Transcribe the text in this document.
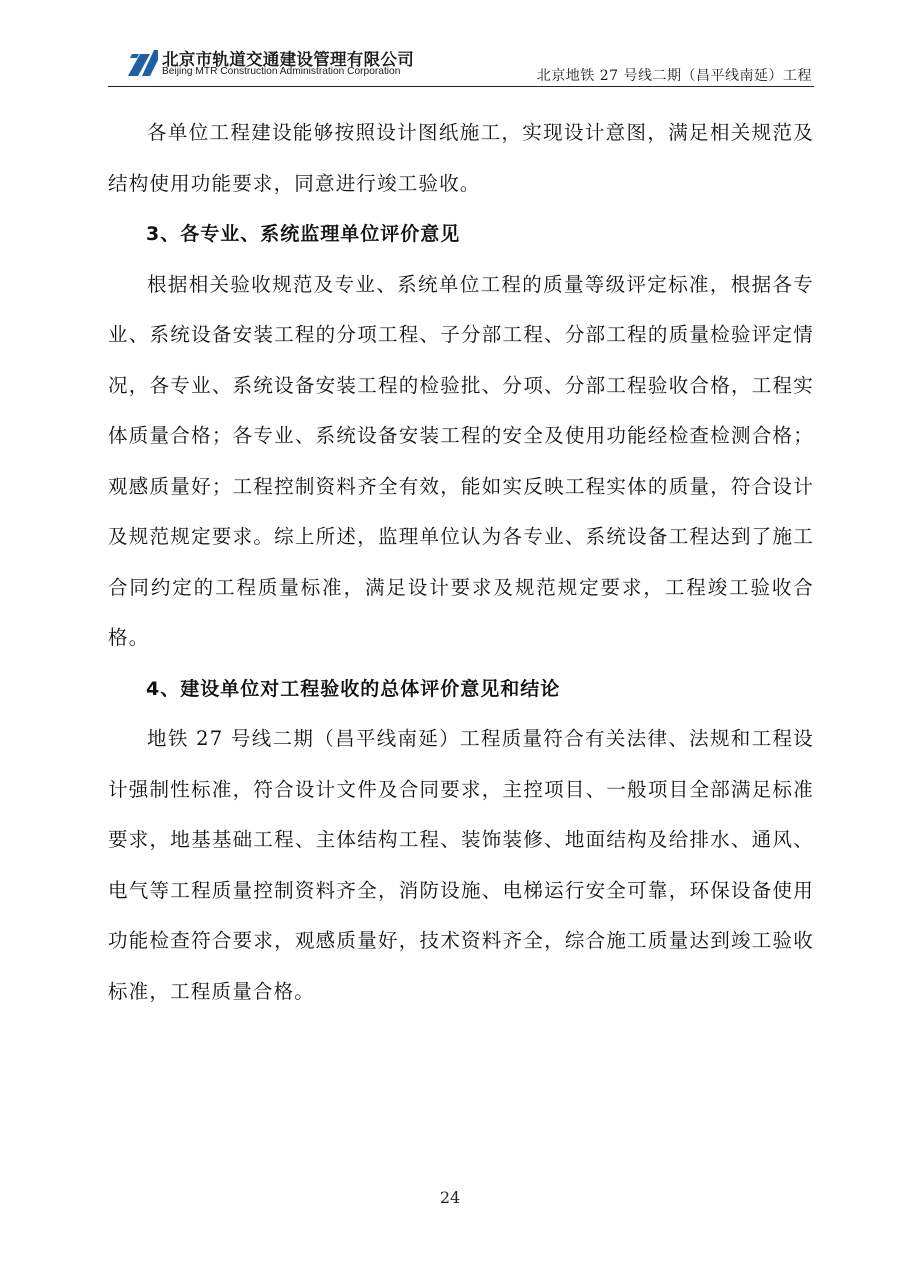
北京市轨道交通建设管理有限公司
Beijing MTR Construction Administration Corporation	北京地铁 27 号线二期（昌平线南延）工程

各单位工程建设能够按照设计图纸施工，实现设计意图，满足相关规范及结构使用功能要求，同意进行竣工验收。

3、各专业、系统监理单位评价意见

根据相关验收规范及专业、系统单位工程的质量等级评定标准，根据各专业、系统设备安装工程的分项工程、子分部工程、分部工程的质量检验评定情况，各专业、系统设备安装工程的检验批、分项、分部工程验收合格，工程实体质量合格；各专业、系统设备安装工程的安全及使用功能经检查检测合格；观感质量好；工程控制资料齐全有效，能如实反映工程实体的质量，符合设计及规范规定要求。综上所述，监理单位认为各专业、系统设备工程达到了施工合同约定的工程质量标准，满足设计要求及规范规定要求，工程竣工验收合格。

4、建设单位对工程验收的总体评价意见和结论

地铁 27 号线二期（昌平线南延）工程质量符合有关法律、法规和工程设计强制性标准，符合设计文件及合同要求，主控项目、一般项目全部满足标准要求，地基基础工程、主体结构工程、装饰装修、地面结构及给排水、通风、电气等工程质量控制资料齐全，消防设施、电梯运行安全可靠，环保设备使用功能检查符合要求，观感质量好，技术资料齐全，综合施工质量达到竣工验收标准，工程质量合格。

24
